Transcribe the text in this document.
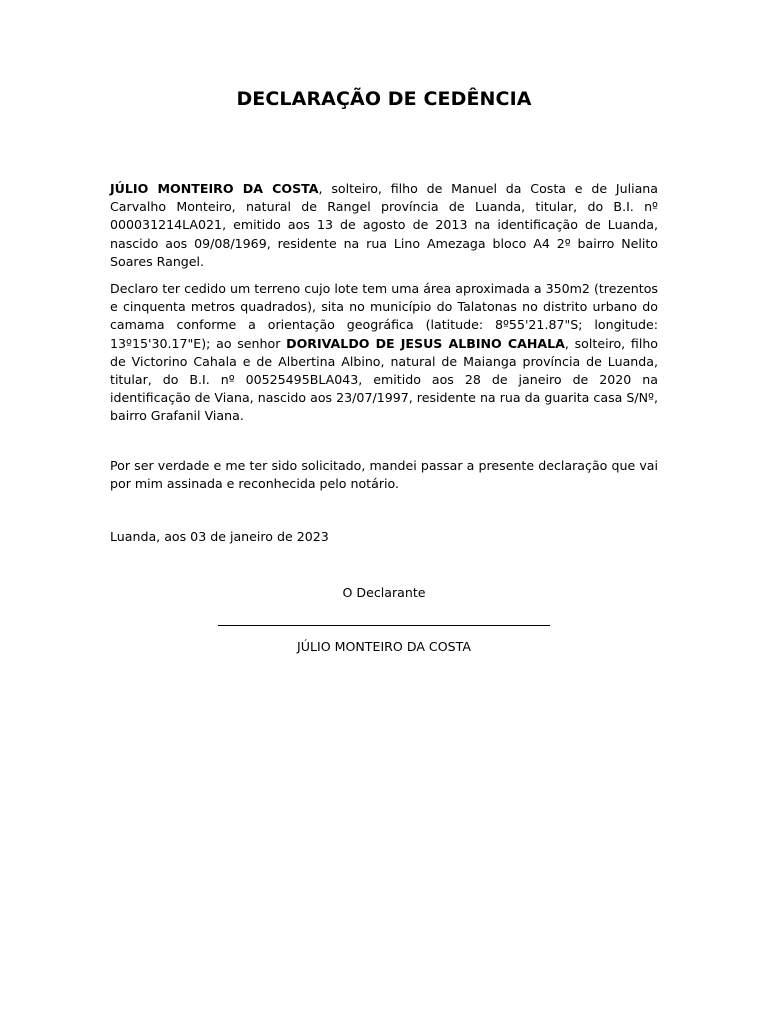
DECLARAÇÃO DE CEDÊNCIA

JÚLIO MONTEIRO DA COSTA, solteiro, filho de Manuel da Costa e de Juliana Carvalho Monteiro, natural de Rangel província de Luanda, titular, do B.I. nº 000031214LA021, emitido aos 13 de agosto de 2013 na identificação de Luanda, nascido aos 09/08/1969, residente na rua Lino Amezaga bloco A4 2º bairro Nelito Soares Rangel.

Declaro ter cedido um terreno cujo lote tem uma área aproximada a 350m2 (trezentos e cinquenta metros quadrados), sita no município do Talatonas no distrito urbano do camama conforme a orientação geográfica (latitude: 8º55'21.87"S; longitude: 13º15'30.17"E); ao senhor DORIVALDO DE JESUS ALBINO CAHALA, solteiro, filho de Victorino Cahala e de Albertina Albino, natural de Maianga província de Luanda, titular, do B.I. nº 00525495BLA043, emitido aos 28 de janeiro de 2020 na identificação de Viana, nascido aos 23/07/1997, residente na rua da guarita casa S/Nº, bairro Grafanil Viana.

Por ser verdade e me ter sido solicitado, mandei passar a presente declaração que vai por mim assinada e reconhecida pelo notário.

Luanda, aos 03 de janeiro de 2023

O Declarante

JÚLIO MONTEIRO DA COSTA
